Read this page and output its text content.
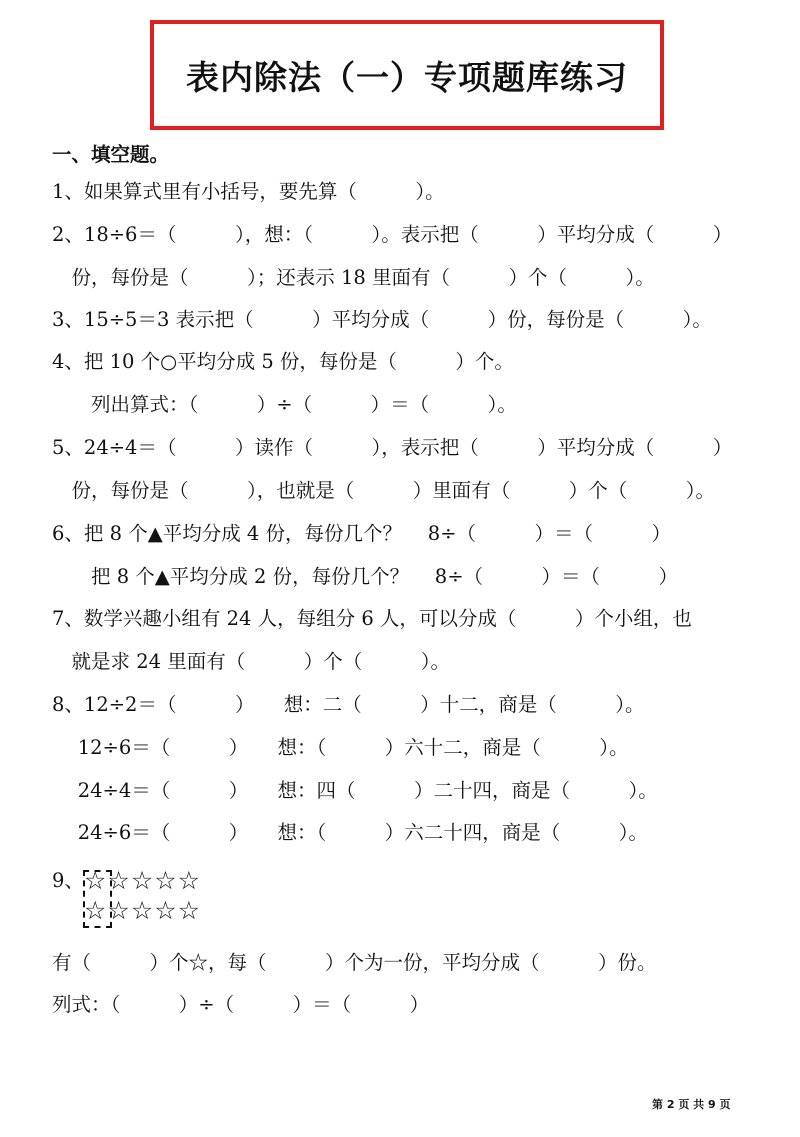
表内除法（一）专项题库练习
一、填空题。
1、如果算式里有小括号，要先算（　　　）。
2、18÷6＝（　　　），想：（　　　）。表示把（　　　）平均分成（　　　）
　份，每份是（　　　）；还表示 18 里面有（　　　）个（　　　）。
3、15÷5＝3 表示把（　　　）平均分成（　　　）份，每份是（　　　）。
4、把 10 个○平均分成 5 份，每份是（　　　）个。
　　列出算式：（　　　）÷（　　　）＝（　　　）。
5、24÷4＝（　　　）读作（　　　），表示把（　　　）平均分成（　　　）
　份，每份是（　　　），也就是（　　　）里面有（　　　）个（　　　）。
6、把 8 个▲平均分成 4 份，每份几个？　 8÷（　　　）＝（　　　）
　　把 8 个▲平均分成 2 份，每份几个？　 8÷（　　　）＝（　　　）
7、数学兴趣小组有 24 人，每组分 6 人，可以分成（　　　）个小组，也
　就是求 24 里面有（　　　）个（　　　）。
8、12÷2＝（　　　）　　想：二（　　　）十二，商是（　　　）。
　 12÷6＝（　　　）　　想：（　　　）六十二，商是（　　　）。
　 24÷4＝（　　　）　　想：四（　　　）二十四，商是（　　　）。
　 24÷6＝（　　　）　　想：（　　　）六二十四，商是（　　　）。
9、 ☆☆☆☆☆
☆☆☆☆☆
有（　　　）个☆，每（　　　）个为一份，平均分成（　　　）份。
列式：（　　　）÷（　　　）＝（　　　）
第 2 页 共 9 页
